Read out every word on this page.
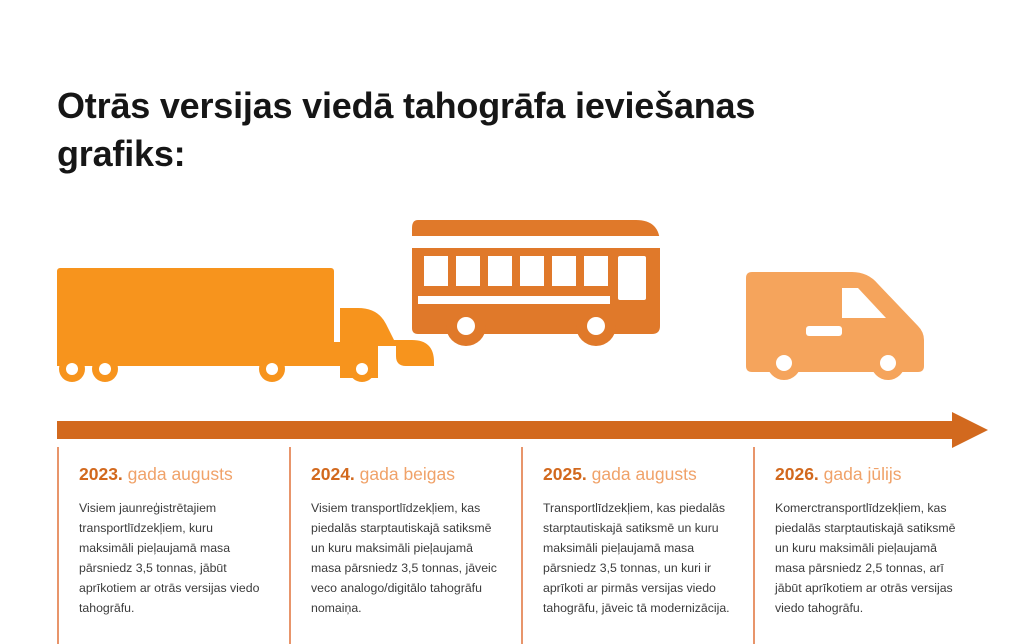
Otrās versijas viedā tahogrāfa ieviešanas grafiks:
2023. gada augusts
Visiem jaunreģistrētajiem transportlīdzekļiem, kuru maksimāli pieļaujamā masa pārsniedz 3,5 tonnas, jābūt aprīkotiem ar otrās versijas viedo tahogrāfu.
2024. gada beigas
Visiem transportlīdzekļiem, kas piedalās starptautiskajā satiksmē un kuru maksimāli pieļaujamā masa pārsniedz 3,5 tonnas, jāveic veco analogo/digitālo tahogrāfu nomaiņa.
2025. gada augusts
Transportlīdzekļiem, kas piedalās starptautiskajā satiksmē un kuru maksimāli pieļaujamā masa pārsniedz 3,5 tonnas, un kuri ir aprīkoti ar pirmās versijas viedo tahogrāfu, jāveic tā modernizācija.
2026. gada jūlijs
Komerctransportlīdzekļiem, kas piedalās starptautiskajā satiksmē un kuru maksimāli pieļaujamā masa pārsniedz 2,5 tonnas, arī jābūt aprīkotiem ar otrās versijas viedo tahogrāfu.
